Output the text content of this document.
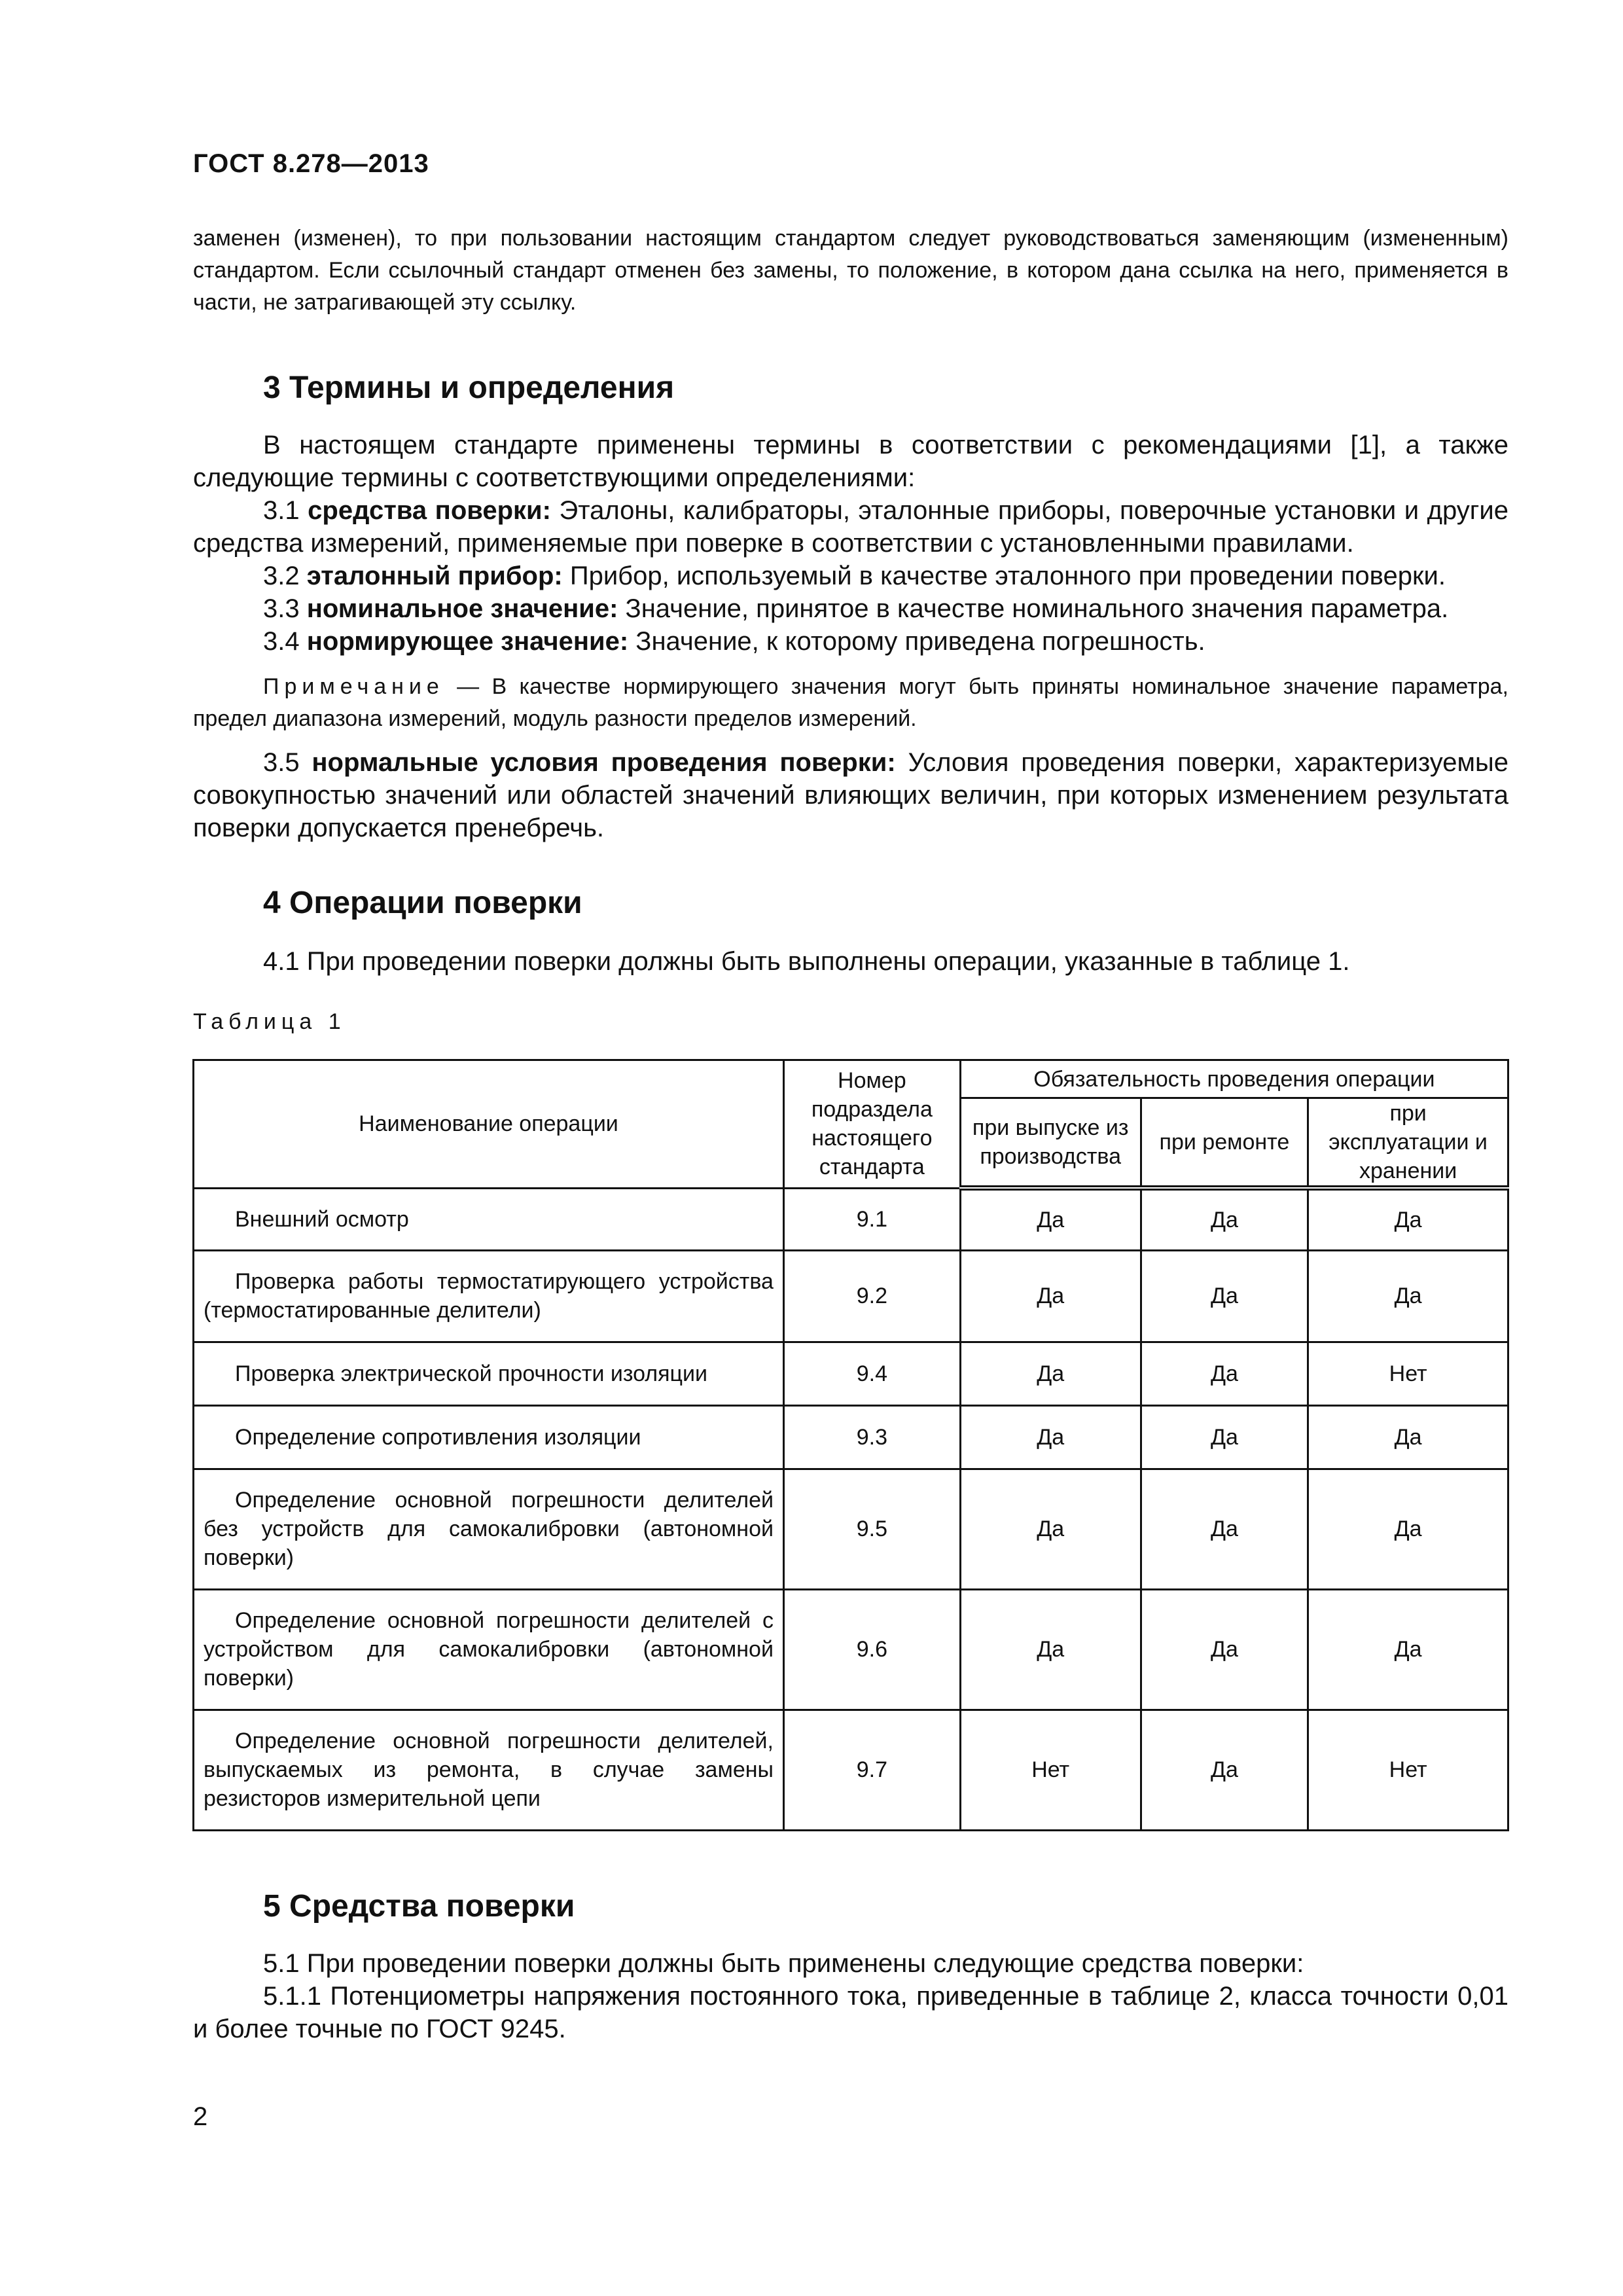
ГОСТ 8.278—2013
заменен (изменен), то при пользовании настоящим стандартом следует руководствоваться заменяющим (измененным) стандартом. Если ссылочный стандарт отменен без замены, то положение, в котором дана ссылка на него, применяется в части, не затрагивающей эту ссылку.
3 Термины и определения
В настоящем стандарте применены термины в соответствии с рекомендациями [1], а также следующие термины с соответствующими определениями:
3.1 средства поверки: Эталоны, калибраторы, эталонные приборы, поверочные установки и другие средства измерений, применяемые при поверке в соответствии с установленными правилами.
3.2 эталонный прибор: Прибор, используемый в качестве эталонного при проведении поверки.
3.3 номинальное значение: Значение, принятое в качестве номинального значения параметра.
3.4 нормирующее значение: Значение, к которому приведена погрешность.
Примечание — В качестве нормирующего значения могут быть приняты номинальное значение параметра, предел диапазона измерений, модуль разности пределов измерений.
3.5 нормальные условия проведения поверки: Условия проведения поверки, характеризуемые совокупностью значений или областей значений влияющих величин, при которых изменением результата поверки допускается пренебречь.
4 Операции поверки
4.1 При проведении поверки должны быть выполнены операции, указанные в таблице 1.
Таблица 1
Наименование операции	Номер подраздела настоящего стандарта	Обязательность проведения операции		
		при выпуске из производства	при ремонте	при эксплуатации и хранении

Внешний осмотр	9.1	Да	Да	Да

Проверка работы термостатирующего устройства (термостатированные делители)	9.2	Да	Да	Да

Проверка электрической прочности изоляции	9.4	Да	Да	Нет

Определение сопротивления изоляции	9.3	Да	Да	Да

Определение основной погрешности делителей без устройств для самокалибровки (автономной поверки)	9.5	Да	Да	Да

Определение основной погрешности делителей с устройством для самокалибровки (автономной поверки)	9.6	Да	Да	Да

Определение основной погрешности делителей, выпускаемых из ремонта, в случае замены резисторов измерительной цепи	9.7	Нет	Да	Нет
5 Средства поверки
5.1 При проведении поверки должны быть применены следующие средства поверки:
5.1.1 Потенциометры напряжения постоянного тока, приведенные в таблице 2, класса точности 0,01 и более точные по ГОСТ 9245.
2
